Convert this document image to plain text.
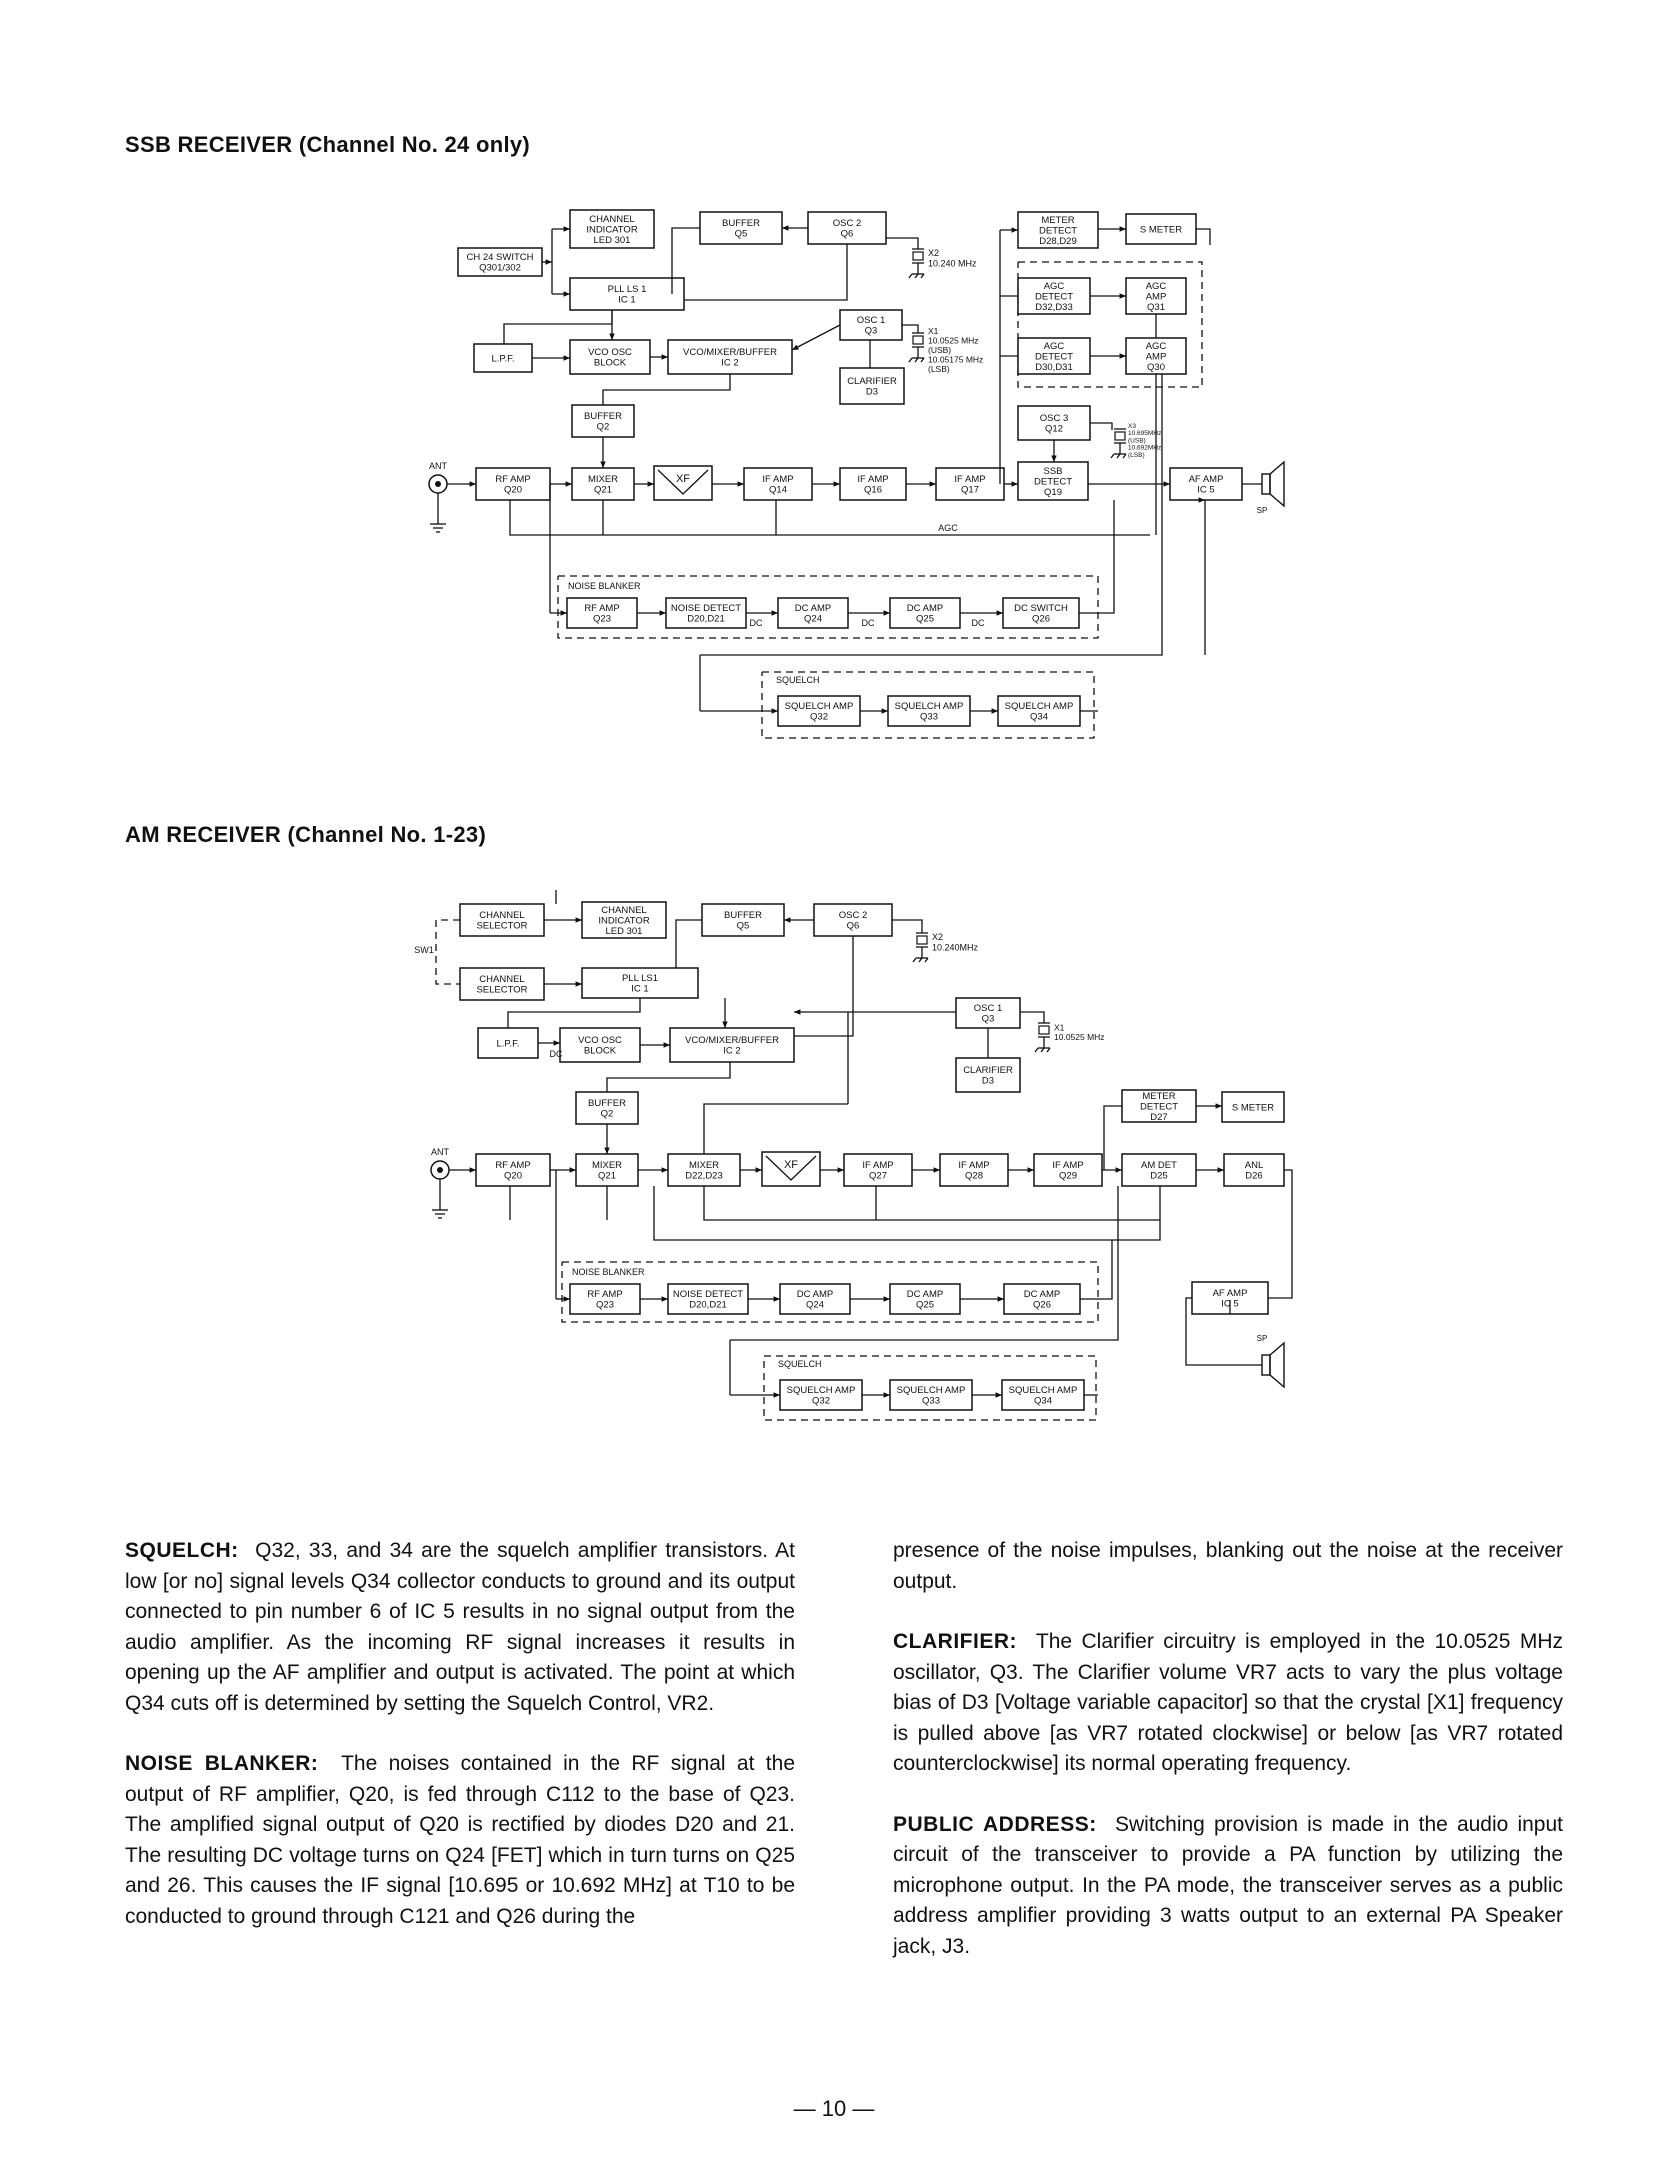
SSB RECEIVER (Channel No. 24 only)
CH 24 SWITCH
Q301/302
CHANNEL
INDICATOR
LED 301
BUFFER
Q5
OSC 2
Q6
PLL LS 1
IC 1
L.P.F.
VCO OSC
BLOCK
VCO/MIXER/BUFFER
IC 2
OSC 1
Q3
CLARIFIER
D3
BUFFER
Q2
RF AMP
Q20
MIXER
Q21
XF	IF AMP
Q14
IF AMP
Q16
IF AMP
Q17
SSB
DETECT
Q19
AF AMP
IC 5
METER
DETECT
D28,D29
S METER
AGC
DETECT
D32,D33
AGC
AMP
Q31
AGC
DETECT
D30,D31
AGC
AMP
Q30
OSC 3
Q12
RF AMP
Q23
NOISE DETECT
D20,D21
DC AMP
Q24
DC AMP
Q25
DC SWITCH
Q26
SQUELCH AMP
Q32
SQUELCH AMP
Q33
SQUELCH AMP
Q34
X2
10.240 MHz
X1
10.0525 MHz
(USB)
10.05175 MHz
(LSB)
X3
10.695MHz
(USB)
10.692MHz
(LSB)
ANT
SP
AGC
DC	DC	DC
NOISE BLANKER
SQUELCH
AM RECEIVER (Channel No. 1-23)
CHANNEL
SELECTOR
CHANNEL
INDICATOR
LED 301
BUFFER
Q5
OSC 2
Q6
CHANNEL
SELECTOR
PLL LS1
IC 1
L.P.F.	VCO OSC
BLOCK
VCO/MIXER/BUFFER
IC 2
OSC 1
Q3
CLARIFIER
D3
BUFFER
Q2
METER
DETECT
D27
S METER
RF AMP
Q20
MIXER
Q21
MIXER
D22,D23
XF	IF AMP
Q27
IF AMP
Q28
IF AMP
Q29
AM DET
D25
ANL
D26
AF AMP
IC 5
RF AMP
Q23
NOISE DETECT
D20,D21
DC AMP
Q24
DC AMP
Q25
DC AMP
Q26
SQUELCH AMP
Q32
SQUELCH AMP
Q33
SQUELCH AMP
Q34
X2
10.240MHz
X1
10.0525 MHz
ANT
SP
SW1
DC
NOISE BLANKER
SQUELCH

SQUELCH: Q32, 33, and 34 are the squelch amplifier transistors. At low [or no] signal levels Q34 collector conducts to ground and its output connected to pin number 6 of IC 5 results in no signal output from the audio amplifier. As the incoming RF signal increases it results in opening up the AF amplifier and output is activated. The point at which Q34 cuts off is determined by setting the Squelch Control, VR2.

NOISE BLANKER: The noises contained in the RF signal at the output of RF amplifier, Q20, is fed through C112 to the base of Q23. The amplified signal output of Q20 is rectified by diodes D20 and 21. The resulting DC voltage turns on Q24 [FET] which in turn turns on Q25 and 26. This causes the IF signal [10.695 or 10.692 MHz] at T10 to be conducted to ground through C121 and Q26 during the

presence of the noise impulses, blanking out the noise at the receiver output.

CLARIFIER: The Clarifier circuitry is employed in the 10.0525 MHz oscillator, Q3. The Clarifier volume VR7 acts to vary the plus voltage bias of D3 [Voltage variable capacitor] so that the crystal [X1] frequency is pulled above [as VR7 rotated clockwise] or below [as VR7 rotated counterclockwise] its normal operating frequency.

PUBLIC ADDRESS: Switching provision is made in the audio input circuit of the transceiver to provide a PA function by utilizing the microphone output. In the PA mode, the transceiver serves as a public address amplifier providing 3 watts output to an external PA Speaker jack, J3.

— 10 —
